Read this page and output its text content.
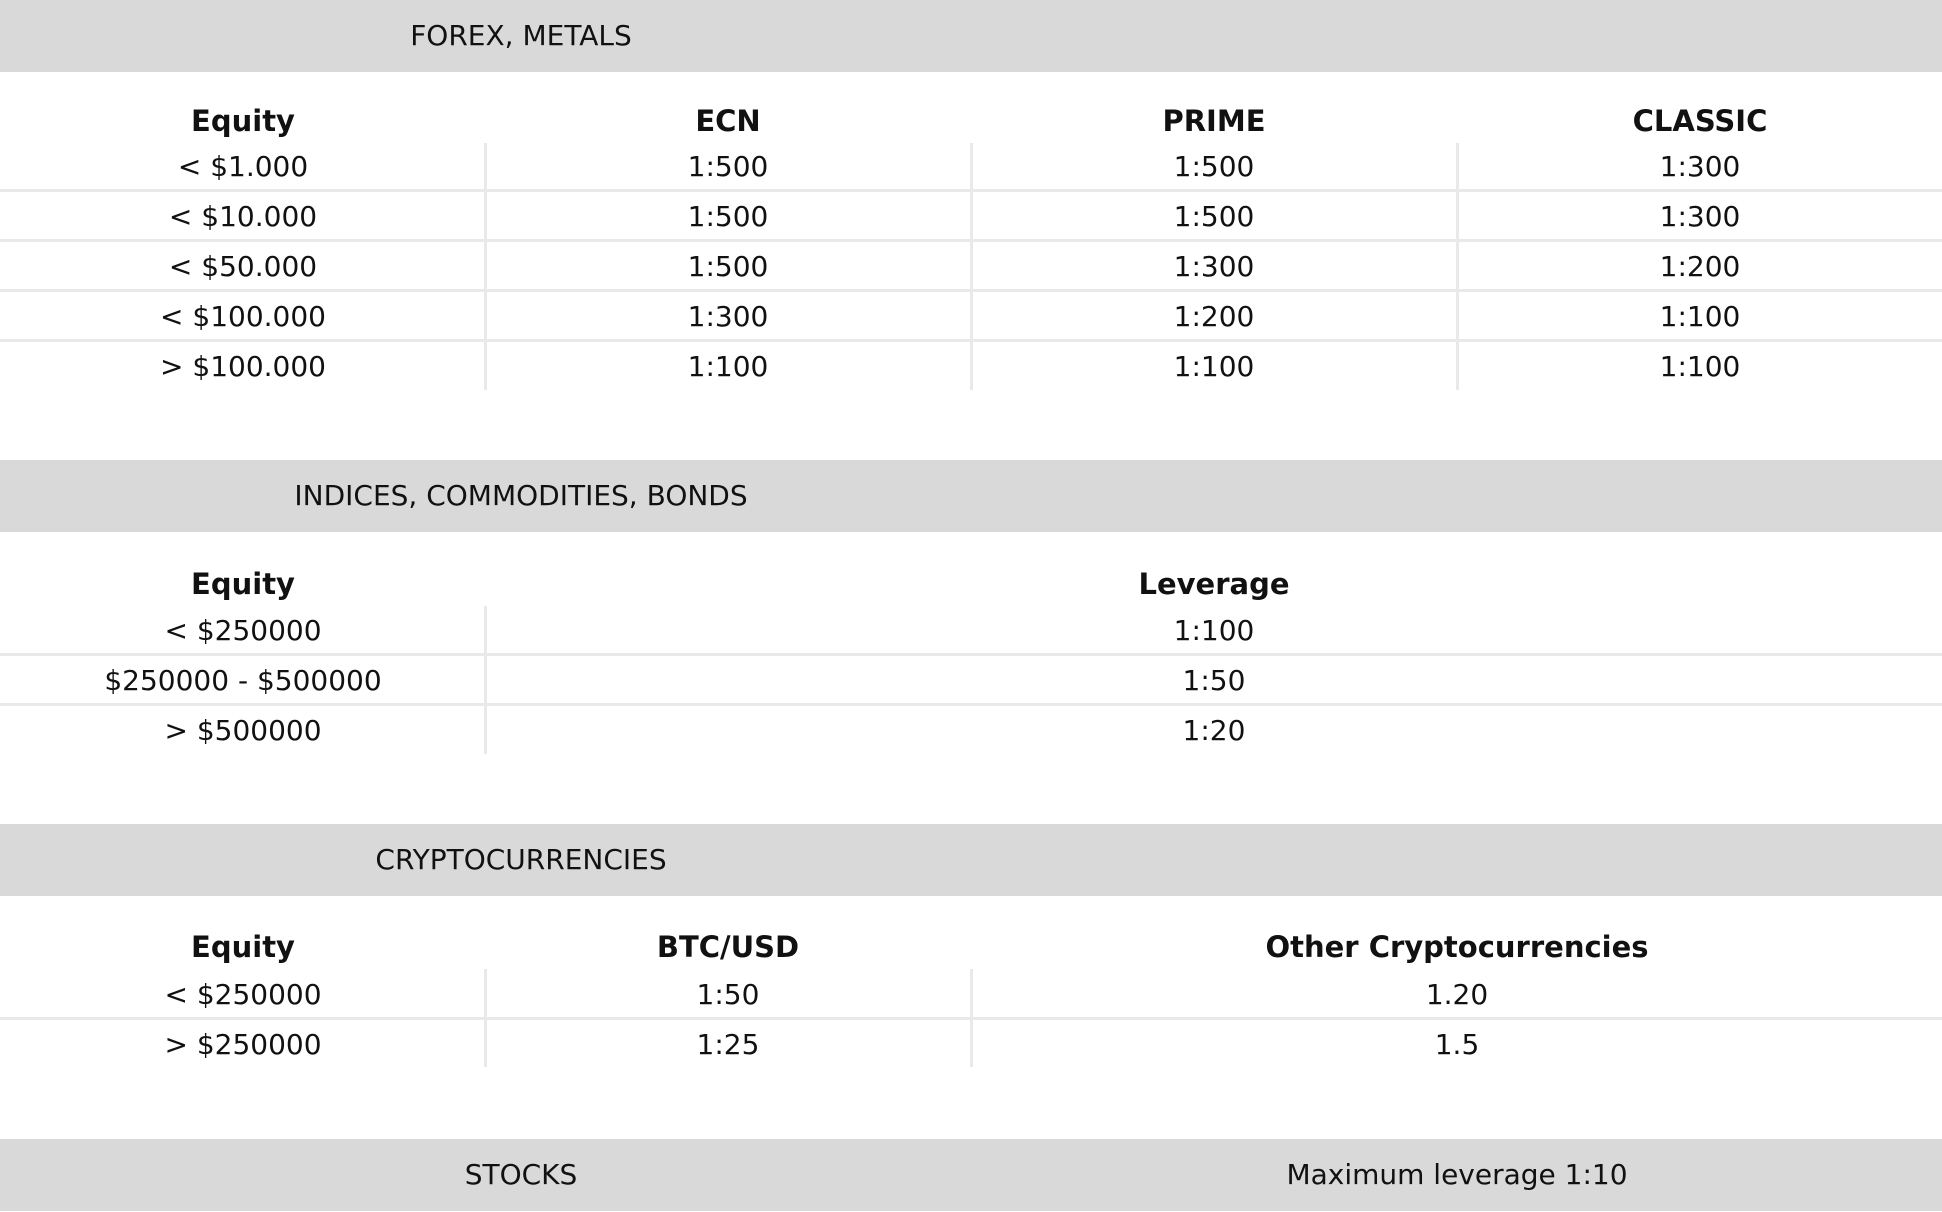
FOREX, METALS
Equity	ECN	PRIME	CLASSIC
< $1.000	1:500	1:500	1:300
< $10.000	1:500	1:500	1:300
< $50.000	1:500	1:300	1:200
< $100.000	1:300	1:200	1:100
> $100.000	1:100	1:100	1:100
INDICES, COMMODITIES, BONDS
Equity	Leverage
< $250000	1:100
$250000 - $500000	1:50
> $500000	1:20
CRYPTOCURRENCIES
Equity	BTC/USD	Other Cryptocurrencies
< $250000	1:50	1.20
> $250000	1:25	1.5
STOCKS	Maximum leverage 1:10
